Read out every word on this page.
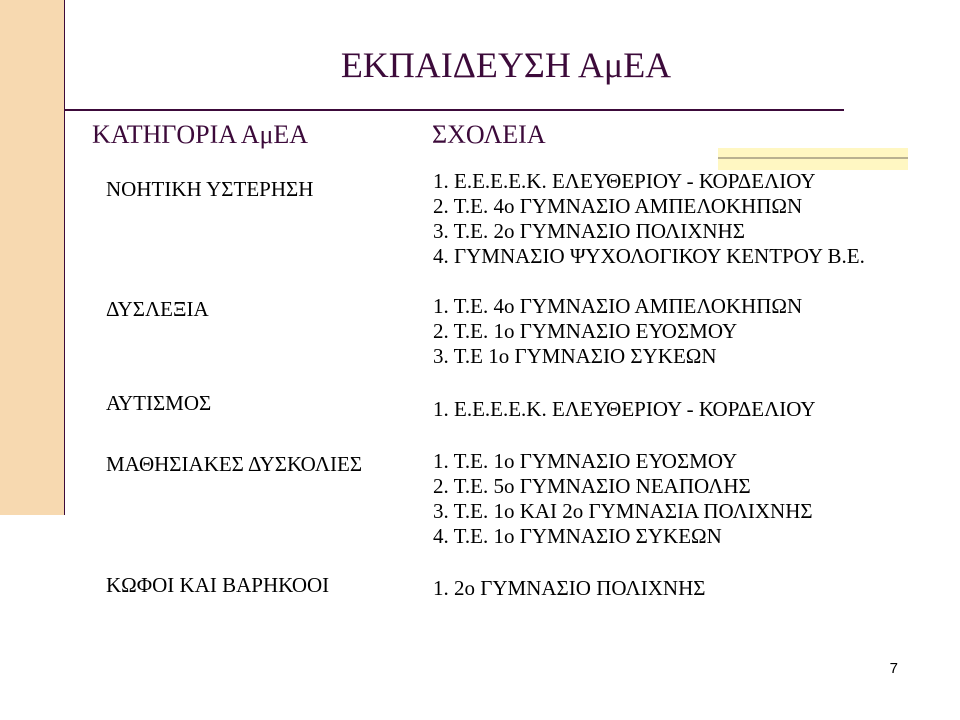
ΕΚΠΑΙΔΕΥΣΗ ΑμΕΑ
ΚΑΤΗΓΟΡΙΑ ΑμΕΑ	ΣΧΟΛΕΙΑ
ΝΟΗΤΙΚΗ ΥΣΤΕΡΗΣΗ	1. Ε.Ε.Ε.Ε.Κ. ΕΛΕΥΘΕΡΙΟΥ - ΚΟΡΔΕΛΙΟΥ
2. Τ.Ε. 4ο ΓΥΜΝΑΣΙΟ ΑΜΠΕΛΟΚΗΠΩΝ
3. Τ.Ε. 2ο ΓΥΜΝΑΣΙΟ ΠΟΛΙΧΝΗΣ
4. ΓΥΜΝΑΣΙΟ ΨΥΧΟΛΟΓΙΚΟΥ ΚΕΝΤΡΟΥ Β.Ε.
ΔΥΣΛΕΞΙΑ	1. Τ.Ε. 4ο ΓΥΜΝΑΣΙΟ ΑΜΠΕΛΟΚΗΠΩΝ
2. Τ.Ε. 1ο ΓΥΜΝΑΣΙΟ ΕΥΟΣΜΟΥ
3. Τ.Ε 1ο ΓΥΜΝΑΣΙΟ ΣΥΚΕΩΝ
ΑΥΤΙΣΜΟΣ	1. Ε.Ε.Ε.Ε.Κ. ΕΛΕΥΘΕΡΙΟΥ - ΚΟΡΔΕΛΙΟΥ
ΜΑΘΗΣΙΑΚΕΣ ΔΥΣΚΟΛΙΕΣ	1. Τ.Ε. 1ο ΓΥΜΝΑΣΙΟ ΕΥΟΣΜΟΥ
2. Τ.Ε. 5ο ΓΥΜΝΑΣΙΟ ΝΕΑΠΟΛΗΣ
3. Τ.Ε. 1ο ΚΑΙ 2ο ΓΥΜΝΑΣΙΑ ΠΟΛΙΧΝΗΣ
4. Τ.Ε. 1ο ΓΥΜΝΑΣΙΟ ΣΥΚΕΩΝ
ΚΩΦΟΙ ΚΑΙ ΒΑΡΗΚΟΟΙ	1. 2ο ΓΥΜΝΑΣΙΟ ΠΟΛΙΧΝΗΣ
7
